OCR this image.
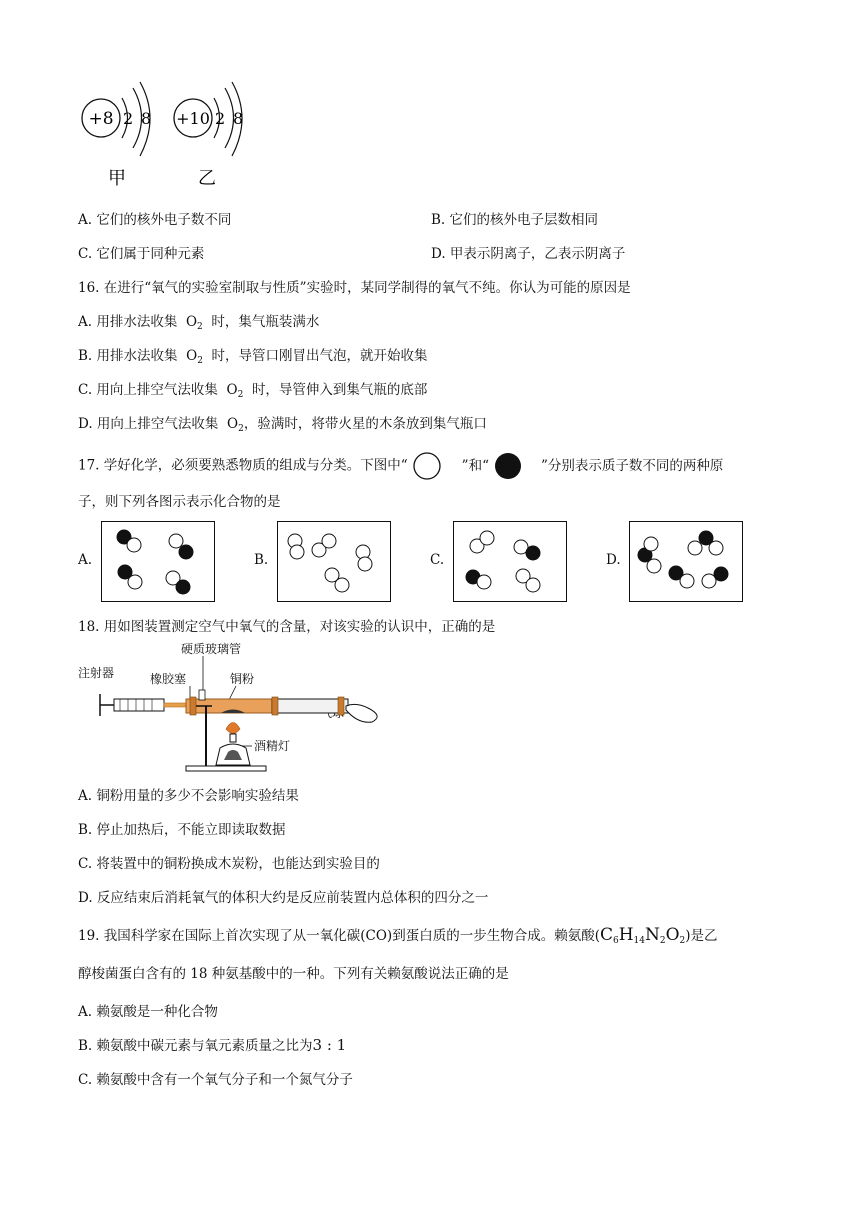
+8 2 8
甲
+10 2 8
乙
A. 它们的核外电子数不同	B. 它们的核外电子层数相同
C. 它们属于同种元素	D. 甲表示阴离子，乙表示阴离子
16. 在进行“氧气的实验室制取与性质”实验时，某同学制得的氧气不纯。你认为可能的原因是
A. 用排水法收集 $O_2$ 时，集气瓶装满水
B. 用排水法收集 $O_2$ 时，导管口刚冒出气泡，就开始收集
C. 用向上排空气法收集 $O_2$ 时，导管伸入到集气瓶的底部
D. 用向上排空气法收集 $O_2$，验满时，将带火星的木条放到集气瓶口
17. 学好化学，必须要熟悉物质的组成与分类。下图中“	”和“	”分别表示质子数不同的两种原
子，则下列各图示表示化合物的是
A.	B.	C.	D.
18. 用如图装置测定空气中氧气的含量，对该实验的认识中，正确的是
硬质玻璃管
注射器	橡胶塞	铜粉
酒精灯
A. 铜粉用量的多少不会影响实验结果
B. 停止加热后，不能立即读取数据
C. 将装置中的铜粉换成木炭粉，也能达到实验目的
D. 反应结束后消耗氧气的体积大约是反应前装置内总体积的四分之一
19. 我国科学家在国际上首次实现了从一氧化碳(CO)到蛋白质的一步生物合成。赖氨酸$(C_6H_{14}N_2O_2)$是乙
醇梭菌蛋白含有的 18 种氨基酸中的一种。下列有关赖氨酸说法正确的是
A. 赖氨酸是一种化合物
B. 赖氨酸中碳元素与氧元素质量之比为3 : 1
C. 赖氨酸中含有一个氧气分子和一个氮气分子
